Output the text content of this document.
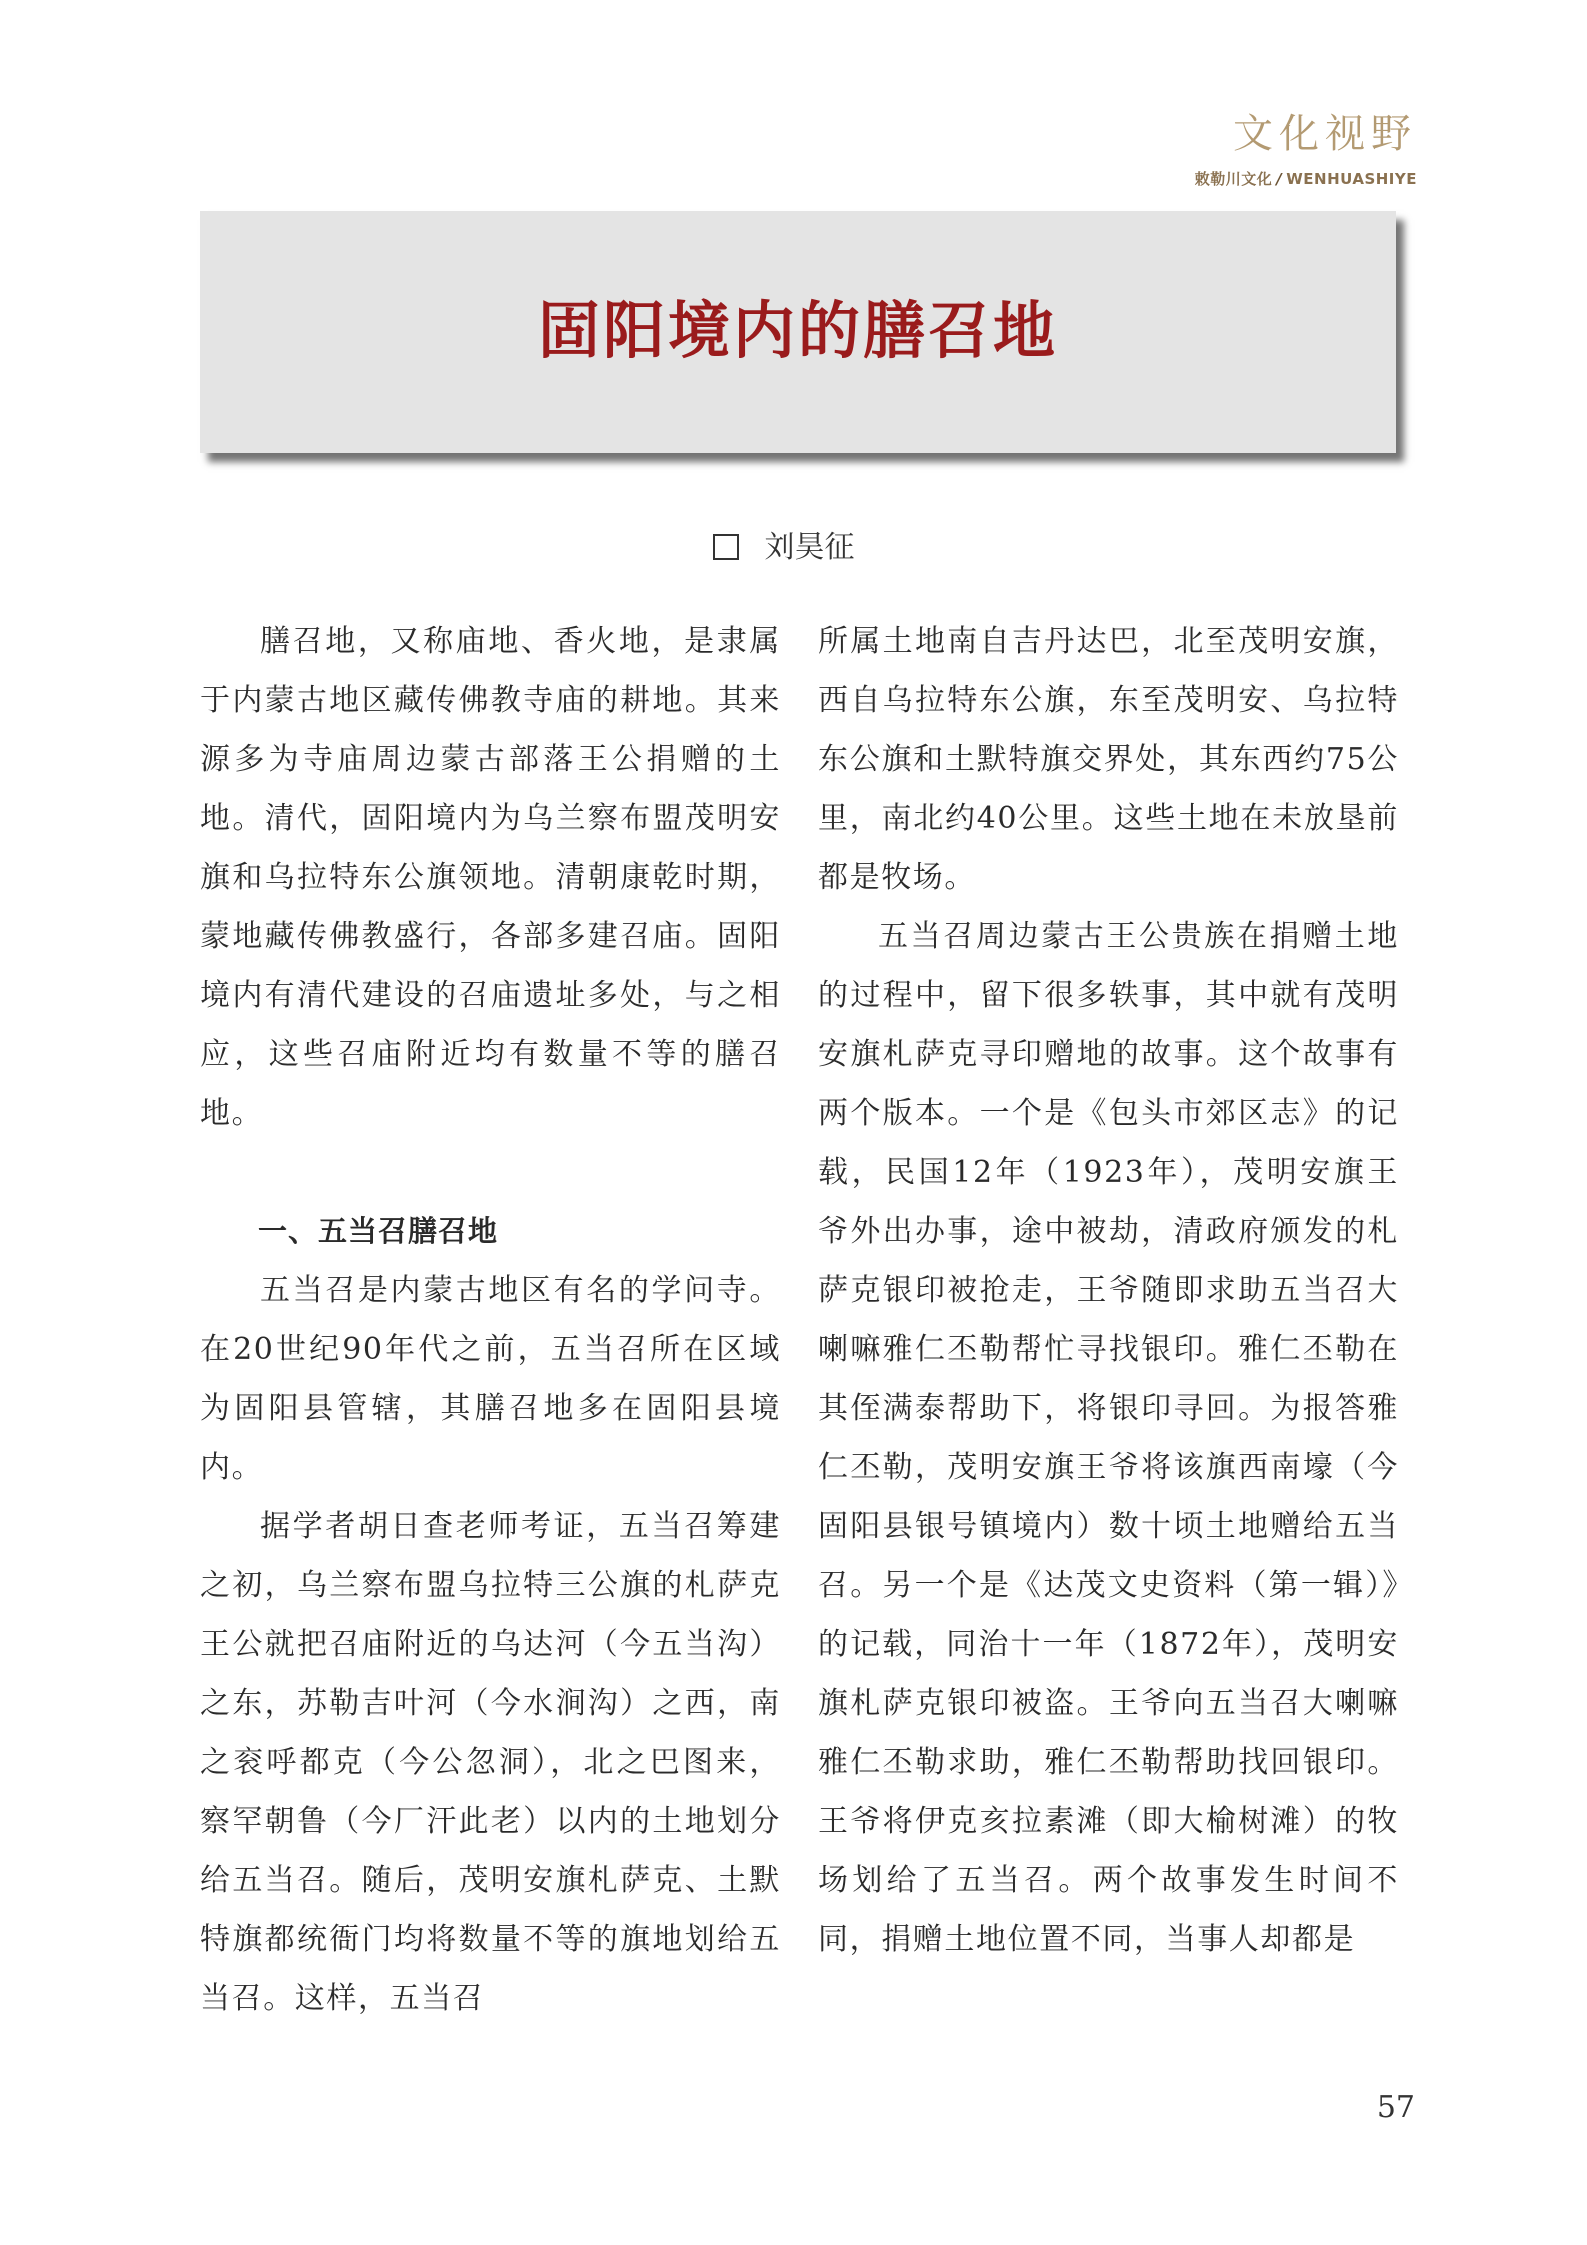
文化视野
敕勒川文化 / WENHUASHIYE
固阳境内的膳召地
刘昊征

膳召地，又称庙地、香火地，是隶属于内蒙古地区藏传佛教寺庙的耕地。其来源多为寺庙周边蒙古部落王公捐赠的土地。清代，固阳境内为乌兰察布盟茂明安旗和乌拉特东公旗领地。清朝康乾时期，蒙地藏传佛教盛行，各部多建召庙。固阳境内有清代建设的召庙遗址多处，与之相应，这些召庙附近均有数量不等的膳召地。

一、五当召膳召地

五当召是内蒙古地区有名的学问寺。在20世纪90年代之前，五当召所在区域为固阳县管辖，其膳召地多在固阳县境内。

据学者胡日查老师考证，五当召筹建之初，乌兰察布盟乌拉特三公旗的札萨克王公就把召庙附近的乌达河（今五当沟）之东，苏勒吉叶河（今水涧沟）之西，南之衮呼都克（今公忽洞），北之巴图来，察罕朝鲁（今厂汗此老）以内的土地划分给五当召。随后，茂明安旗札萨克、土默特旗都统衙门均将数量不等的旗地划给五当召。这样，五当召

所属土地南自吉丹达巴，北至茂明安旗，西自乌拉特东公旗，东至茂明安、乌拉特东公旗和土默特旗交界处，其东西约75公里，南北约40公里。这些土地在未放垦前都是牧场。

五当召周边蒙古王公贵族在捐赠土地的过程中，留下很多轶事，其中就有茂明安旗札萨克寻印赠地的故事。这个故事有两个版本。一个是《包头市郊区志》的记载，民国12年（1923年），茂明安旗王爷外出办事，途中被劫，清政府颁发的札萨克银印被抢走，王爷随即求助五当召大喇嘛雅仁丕勒帮忙寻找银印。雅仁丕勒在其侄满泰帮助下，将银印寻回。为报答雅仁丕勒，茂明安旗王爷将该旗西南壕（今固阳县银号镇境内）数十顷土地赠给五当召。另一个是《达茂文史资料（第一辑）》的记载，同治十一年（1872年），茂明安旗札萨克银印被盗。王爷向五当召大喇嘛雅仁丕勒求助，雅仁丕勒帮助找回银印。王爷将伊克亥拉素滩（即大榆树滩）的牧场划给了五当召。两个故事发生时间不同，捐赠土地位置不同，当事人却都是

57
